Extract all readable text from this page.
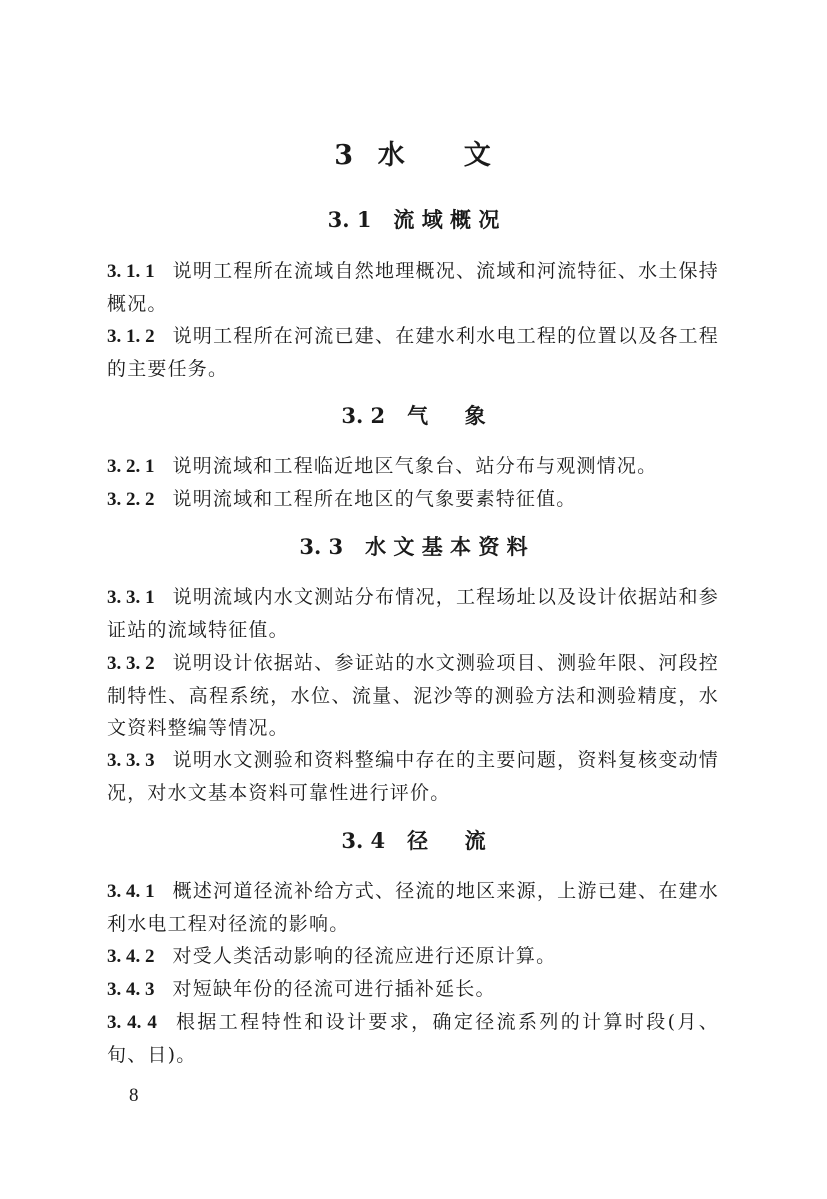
3  水     文
3. 1   流 域 概 况
3. 1. 1 说明工程所在流域自然地理概况、流域和河流特征、水土保持概况。
3. 1. 2 说明工程所在河流已建、在建水利水电工程的位置以及各工程的主要任务。
3. 2   气     象
3. 2. 1 说明流域和工程临近地区气象台、站分布与观测情况。
3. 2. 2 说明流域和工程所在地区的气象要素特征值。
3. 3   水 文 基 本 资 料
3. 3. 1 说明流域内水文测站分布情况，工程场址以及设计依据站和参证站的流域特征值。
3. 3. 2 说明设计依据站、参证站的水文测验项目、测验年限、河段控制特性、高程系统，水位、流量、泥沙等的测验方法和测验精度，水文资料整编等情况。
3. 3. 3 说明水文测验和资料整编中存在的主要问题，资料复核变动情况，对水文基本资料可靠性进行评价。
3. 4   径     流
3. 4. 1 概述河道径流补给方式、径流的地区来源，上游已建、在建水利水电工程对径流的影响。
3. 4. 2 对受人类活动影响的径流应进行还原计算。
3. 4. 3 对短缺年份的径流可进行插补延长。
3. 4. 4 根据工程特性和设计要求，确定径流系列的计算时段(月、旬、日)。
8
